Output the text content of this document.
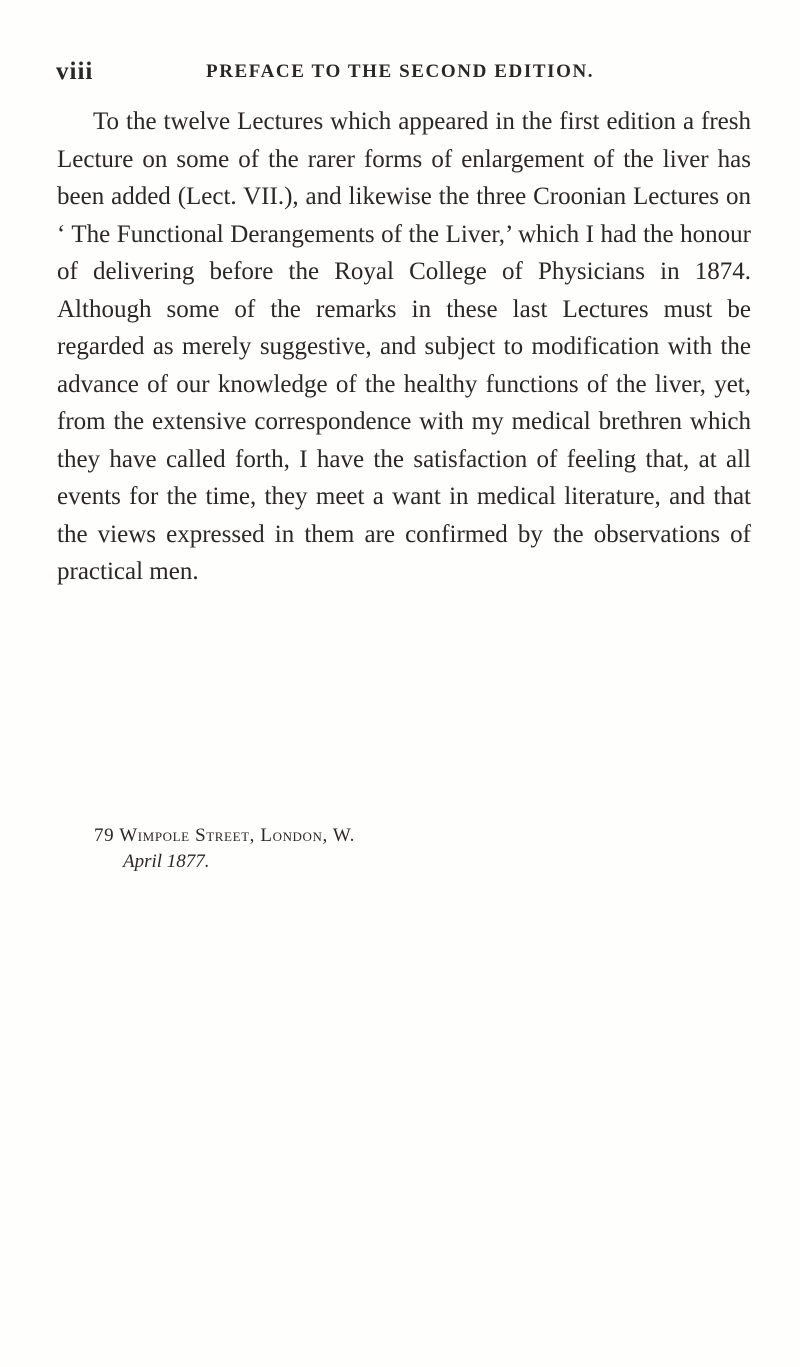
viii	PREFACE TO THE SECOND EDITION.

To the twelve Lectures which appeared in the first edition a fresh Lecture on some of the rarer forms of enlargement of the liver has been added (Lect. VII.), and likewise the three Croonian Lectures on ‘ The Functional Derangements of the Liver,’ which I had the honour of delivering before the Royal College of Physicians in 1874. Although some of the remarks in these last Lectures must be regarded as merely suggestive, and subject to modification with the advance of our knowledge of the healthy functions of the liver, yet, from the extensive correspondence with my medical brethren which they have called forth, I have the satisfaction of feeling that, at all events for the time, they meet a want in medical literature, and that the views expressed in them are confirmed by the observations of practical men.

79 Wimpole Street, London, W.
April 1877.
